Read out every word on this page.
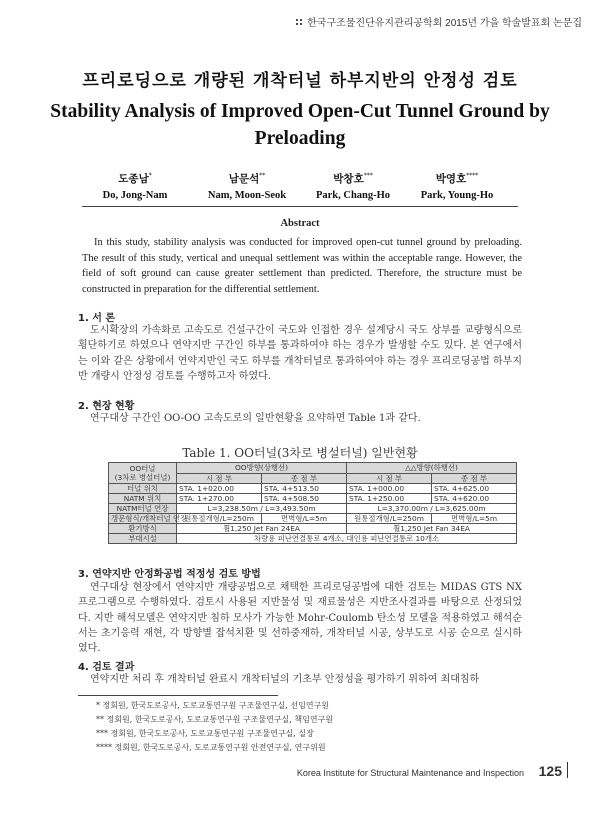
한국구조물진단유지관리공학회 2015년 가을 학술발표회 논문집
프리로딩으로 개량된 개착터널 하부지반의 안정성 검토
Stability Analysis of Improved Open-Cut Tunnel Ground by Preloading
도종남*
Do, Jong-Nam
남문석**
Nam, Moon-Seok
박창호***
Park, Chang-Ho
박영호****
Park, Young-Ho
Abstract
In this study, stability analysis was conducted for improved open-cut tunnel ground by preloading. The result of this study, vertical and unequal settlement was within the acceptable range. However, the field of soft ground can cause greater settlement than predicted. Therefore, the structure must be constructed in preparation for the differential settlement.
1. 서 론
도시확장의 가속화로 고속도로 건설구간이 국도와 인접한 경우 설계당시 국도 상부를 교량형식으로 횡단하기로 하였으나 연약지반 구간인 하부를 통과하여야 하는 경우가 발생할 수도 있다. 본 연구에서는 이와 같은 상황에서 연약지반인 국도 하부를 개착터널로 통과하여야 하는 경우 프리로딩공법 하부지반 개량시 안정성 검토를 수행하고자 하였다.
2. 현장 현황
연구대상 구간인 OO-OO 고속도로의 일반현황을 요약하면 Table 1과 같다.
Table 1. OO터널(3차로 병설터널) 일반현황
OO터널
(3차로 병설터널)	OO방향(상행선)		△△방향(하행선)	
	시 점 부	종 점 부	시 점 부	종 점 부
터널 위치	STA. 1+020.00	STA. 4+513.50	STA. 1+000.00	STA. 4+625.00
NATM 위치	STA. 1+270.00	STA. 4+508.50	STA. 1+250.00	STA. 4+620.00
NATM터널 연장	L=3,238.50m / L=3,493.50m		L=3,370.00m / L=3,625.00m	
갱문형식/개착터널 연장	원통절개형/L=250m	면벽형/L=5m	원통절개형/L=250m	면벽형/L=5m
환기방식	휠1,250 Jet Fan 24EA		휠1,250 Jet Fan 34EA	
부대시설	차량용 피난연결통로 4개소, 대인용 피난연결통로 10개소			
3. 연약지반 안정화공법 적정성 검토 방법
연구대상 현장에서 연약지반 개량공법으로 채택한 프리로딩공법에 대한 검토는 MIDAS GTS NX 프로그램으로 수행하였다. 검토시 사용된 지반물성 및 재료물성은 지반조사결과를 바탕으로 산정되었다. 지반 해석모델은 연약지반 침하 모사가 가능한 Mohr-Coulomb 탄소성 모델을 적용하였고 해석순서는 초기응력 재현, 각 방향별 잡석치환 및 선하중재하, 개착터널 시공, 상부도로 시공 순으로 실시하였다.
4. 검토 결과
연약지반 처리 후 개착터널 완료시 개착터널의 기초부 안정성을 평가하기 위하여 최대침하
* 정회원, 한국도로공사, 도로교통연구원 구조물연구실, 선임연구원
** 정회원, 한국도로공사, 도로교통연구원 구조물연구실, 책임연구원
*** 정회원, 한국도로공사, 도로교통연구원 구조물연구실, 실장
**** 정회원, 한국도로공사, 도로교통연구원 안전연구실, 연구위원
Korea Institute for Structural Maintenance and Inspection 125
